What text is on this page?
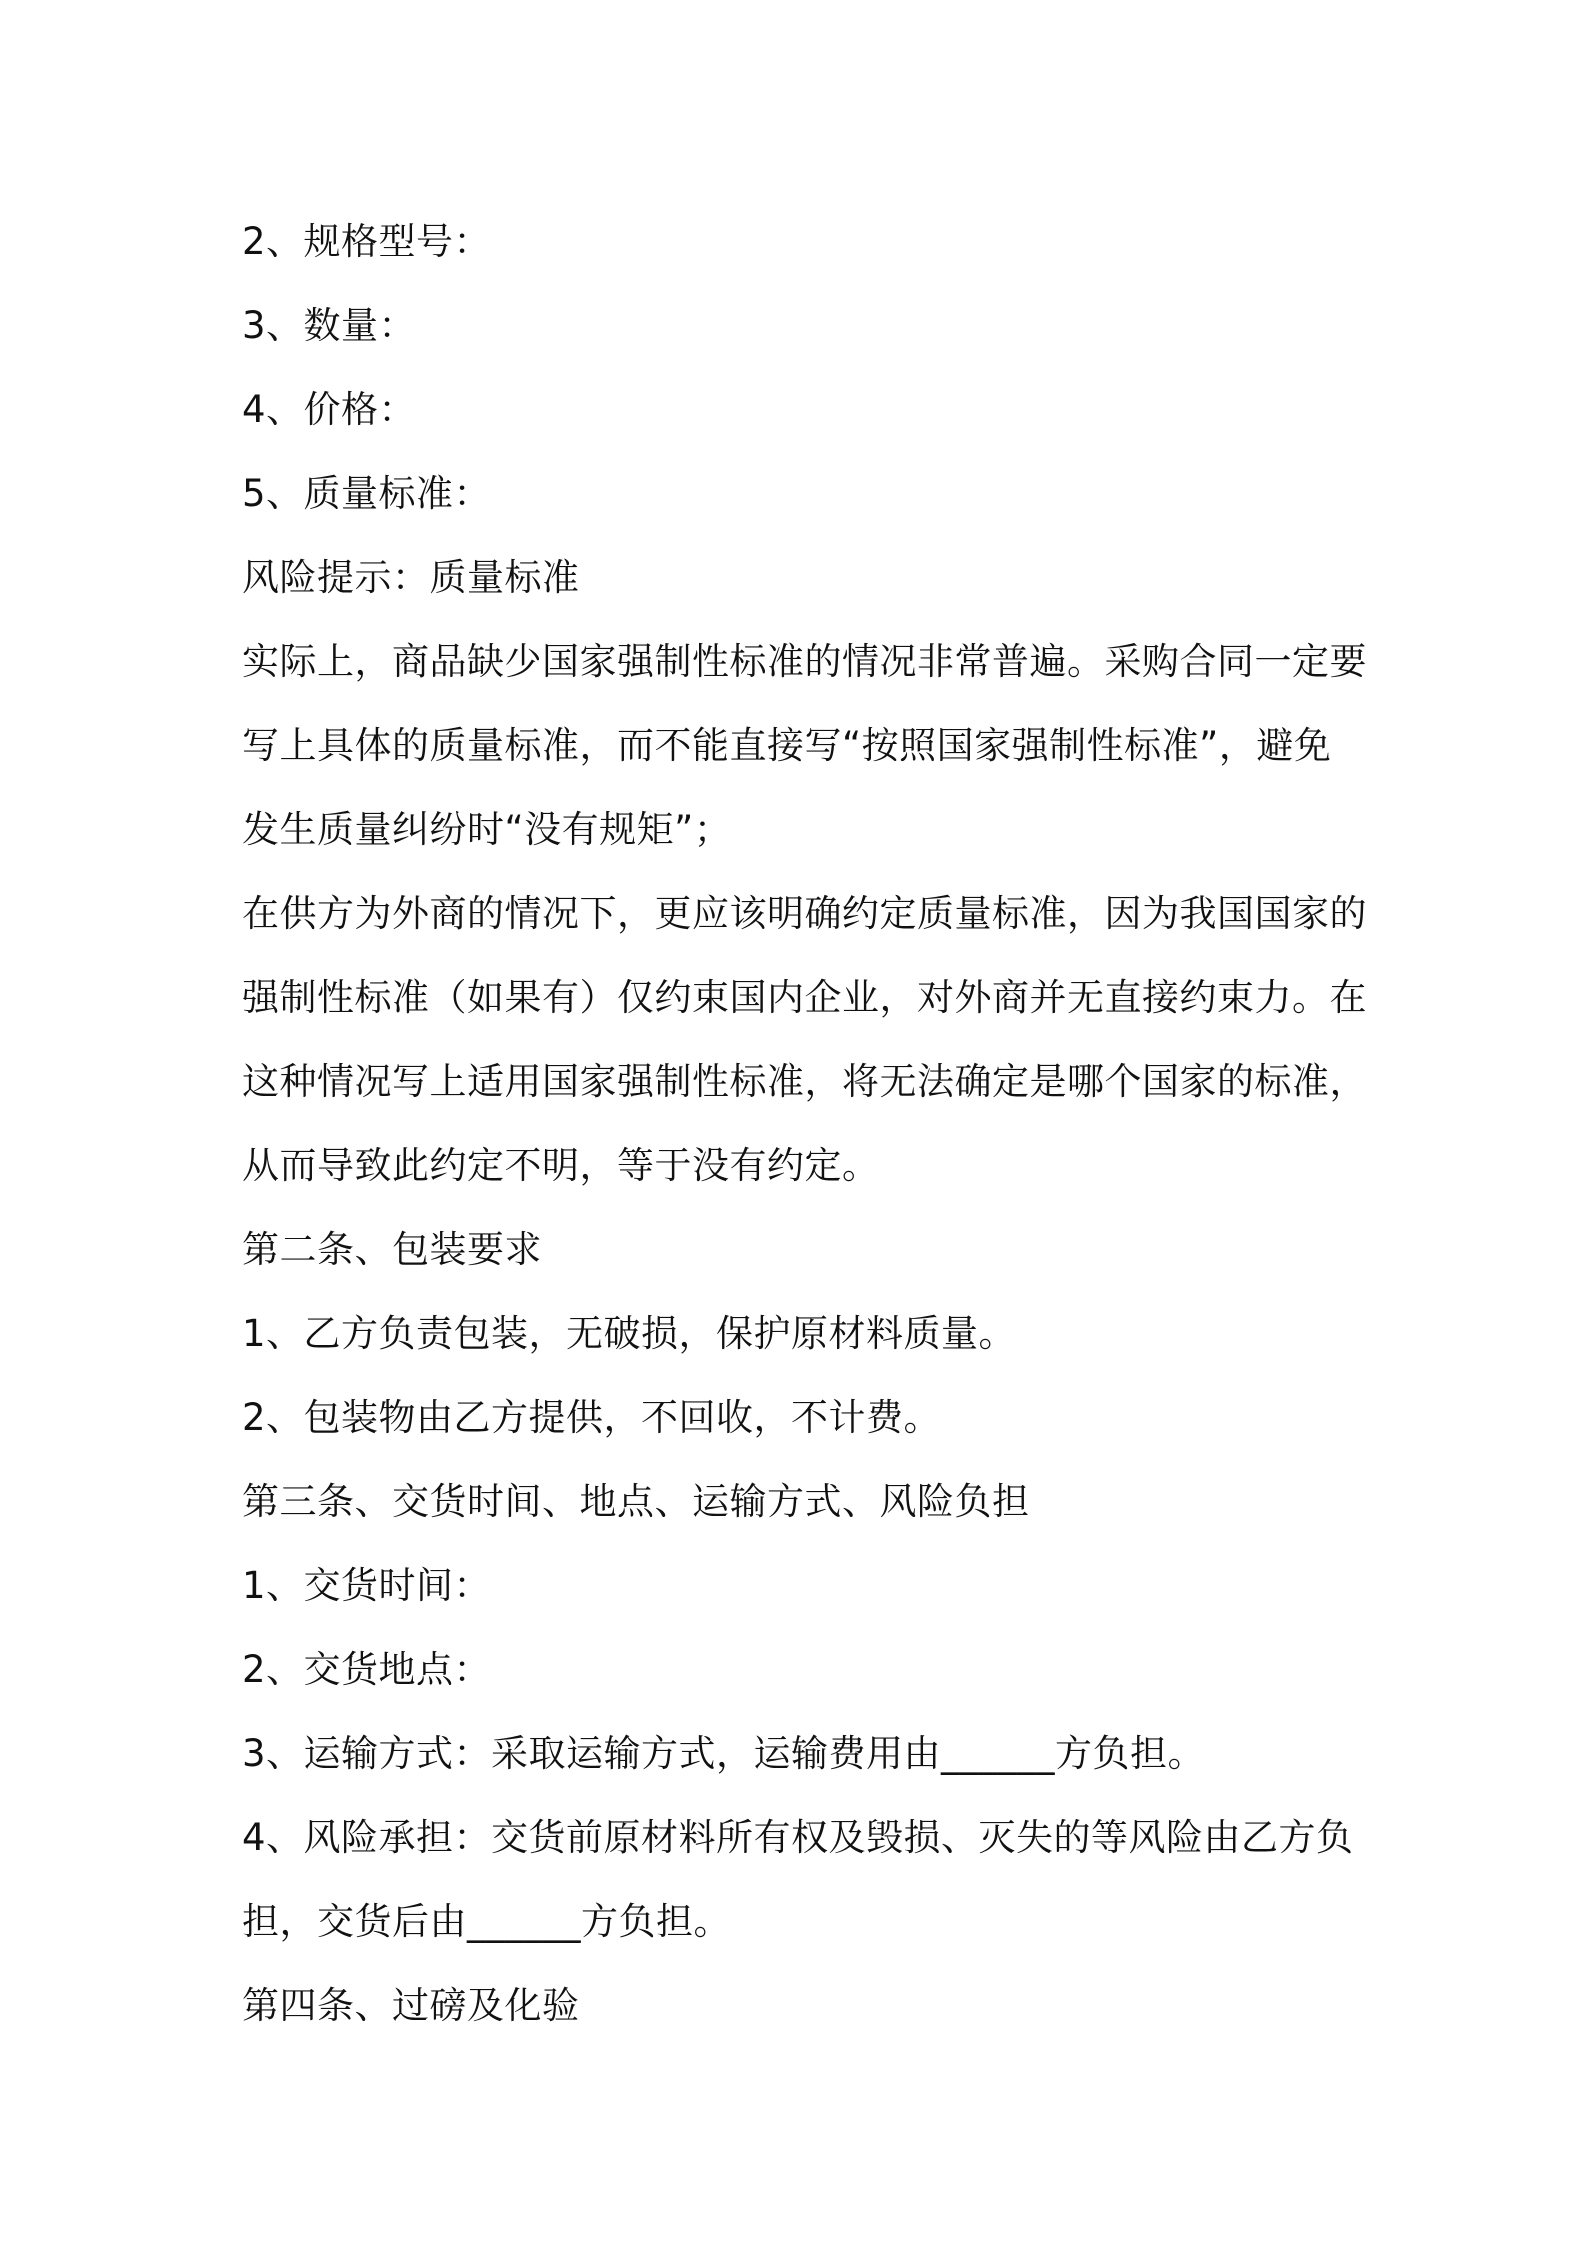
2、规格型号：
3、数量：
4、价格：
5、质量标准：
风险提示：质量标准
实际上，商品缺少国家强制性标准的情况非常普遍。采购合同一定要
写上具体的质量标准，而不能直接写“按照国家强制性标准”，避免
发生质量纠纷时“没有规矩”；
在供方为外商的情况下，更应该明确约定质量标准，因为我国国家的
强制性标准（如果有）仅约束国内企业，对外商并无直接约束力。在
这种情况写上适用国家强制性标准，将无法确定是哪个国家的标准，
从而导致此约定不明，等于没有约定。
第二条、包装要求
1、乙方负责包装，无破损，保护原材料质量。
2、包装物由乙方提供，不回收，不计费。
第三条、交货时间、地点、运输方式、风险负担
1、交货时间：
2、交货地点：
3、运输方式：采取运输方式，运输费用由______方负担。
4、风险承担：交货前原材料所有权及毁损、灭失的等风险由乙方负
担，交货后由______方负担。
第四条、过磅及化验
